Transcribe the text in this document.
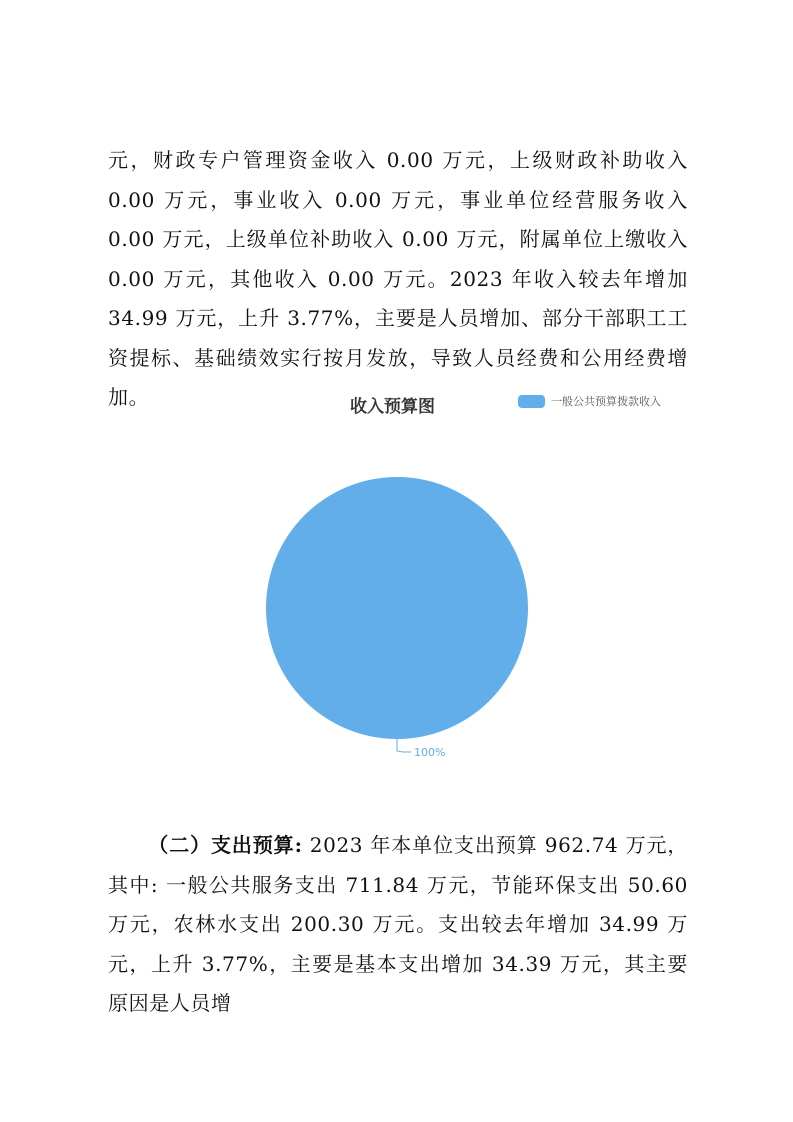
元，财政专户管理资金收入 0.00 万元，上级财政补助收入 0.00 万元，事业收入 0.00 万元，事业单位经营服务收入 0.00 万元，上级单位补助收入 0.00 万元，附属单位上缴收入 0.00 万元，其他收入 0.00 万元。2023 年收入较去年增加 34.99 万元，上升 3.77%，主要是人员增加、部分干部职工工资提标、基础绩效实行按月发放，导致人员经费和公用经费增加。	收入预算图	一般公共预算拨款收入
100%

（二）支出预算: 2023 年本单位支出预算 962.74 万元，其中: 一般公共服务支出 711.84 万元，节能环保支出 50.60 万元，农林水支出 200.30 万元。支出较去年增加 34.99 万元，上升 3.77%，主要是基本支出增加 34.39 万元，其主要原因是人员增
